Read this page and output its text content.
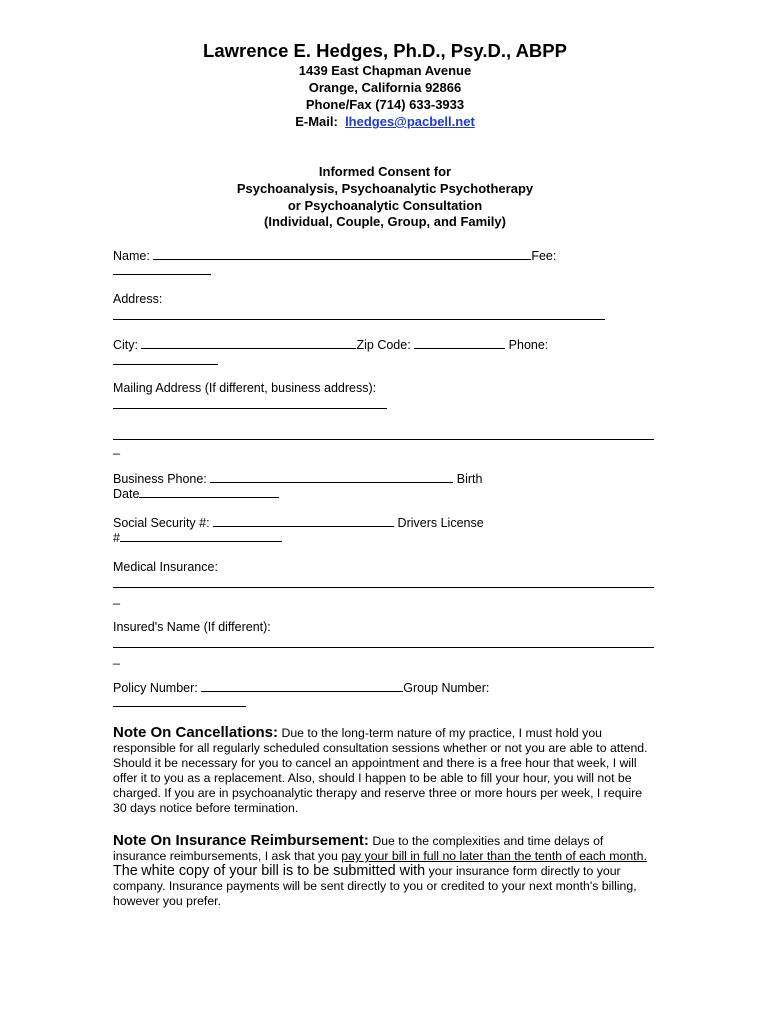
Lawrence E. Hedges, Ph.D., Psy.D., ABPP
1439 East Chapman Avenue
Orange, California 92866
Phone/Fax (714) 633-3933
E-Mail: lhedges@pacbell.net
Informed Consent for
Psychoanalysis, Psychoanalytic Psychotherapy
or Psychoanalytic Consultation
(Individual, Couple, Group, and Family)
Name:	Fee:
Address:
City:	Zip Code:	Phone:
Mailing Address (If different, business address):
_
Business Phone:	Birth
Date
Social Security #:	Drivers License
#
Medical Insurance:
_
Insured's Name (If different):
_
Policy Number:	Group Number:
Note On Cancellations: Due to the long-term nature of my practice, I must hold you responsible for all regularly scheduled consultation sessions whether or not you are able to attend. Should it be necessary for you to cancel an appointment and there is a free hour that week, I will offer it to you as a replacement. Also, should I happen to be able to fill your hour, you will not be charged. If you are in psychoanalytic therapy and reserve three or more hours per week, I require 30 days notice before termination.
Note On Insurance Reimbursement: Due to the complexities and time delays of insurance reimbursements, I ask that you pay your bill in full no later than the tenth of each month. The white copy of your bill is to be submitted with your insurance form directly to your company. Insurance payments will be sent directly to you or credited to your next month's billing, however you prefer.
